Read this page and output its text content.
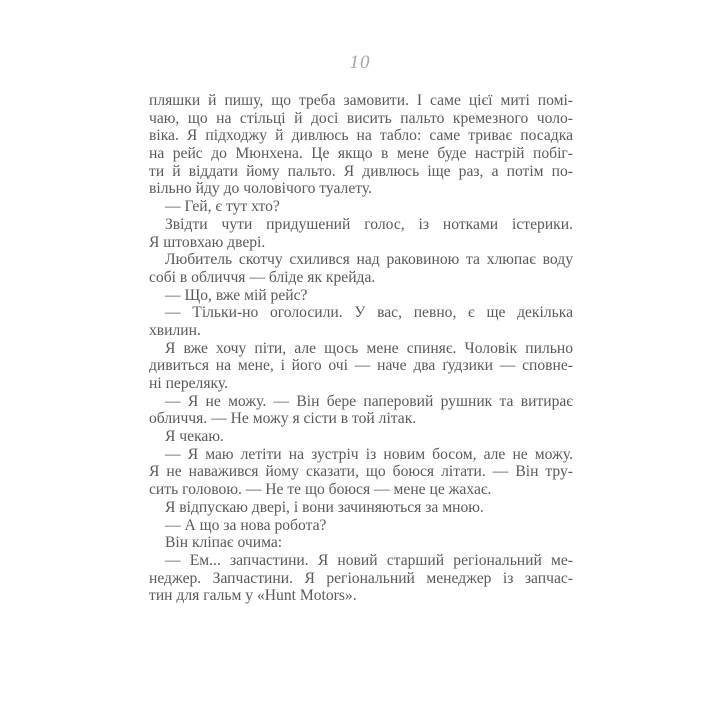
10
пляшки й пишу, що треба замовити. І саме цієї миті помі-
чаю, що на стільці й досі висить пальто кремезного чоло-
віка. Я підходжу й дивлюсь на табло: саме триває посадка
на рейс до Мюнхена. Це якщо в мене буде настрій побіг-
ти й віддати йому пальто. Я дивлюсь іще раз, а потім по-
вільно йду до чоловічого туалету.
— Гей, є тут хто?
Звідти чути придушений голос, із нотками істерики.
Я штовхаю двері.
Любитель скотчу схилився над раковиною та хлюпає воду
собі в обличчя — бліде як крейда.
— Що, вже мій рейс?
— Тільки-но оголосили. У вас, певно, є ще декілька
хвилин.
Я вже хочу піти, але щось мене спиняє. Чоловік пильно
дивиться на мене, і його очі — наче два ґудзики — сповне-
ні переляку.
— Я не можу. — Він бере паперовий рушник та витирає
обличчя. — Не можу я сісти в той літак.
Я чекаю.
— Я маю летіти на зустріч із новим босом, але не можу.
Я не наважився йому сказати, що боюся літати. — Він тру-
сить головою. — Не те що боюся — мене це жахає.
Я відпускаю двері, і вони зачиняються за мною.
— А що за нова робота?
Він кліпає очима:
— Ем... запчастини. Я новий старший регіональний ме-
неджер. Запчастини. Я регіональний менеджер із запчас-
тин для гальм у «Hunt Motors».
